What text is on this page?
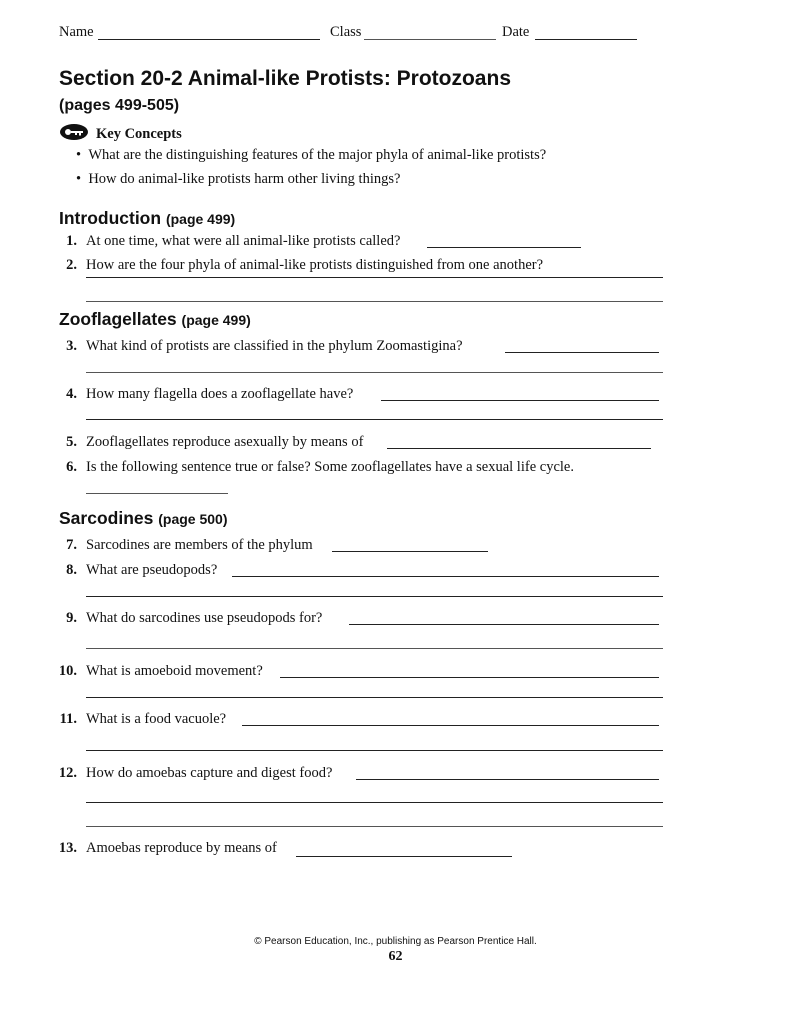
Name	Class	Date
Section 20-2 Animal-like Protists: Protozoans
(pages 499-505)
Key Concepts
•  What are the distinguishing features of the major phyla of animal-like protists?
•  How do animal-like protists harm other living things?
Introduction (page 499)
1. At one time, what were all animal-like protists called?
2. How are the four phyla of animal-like protists distinguished from one another?
Zooflagellates (page 499)
3. What kind of protists are classified in the phylum Zoomastigina?
4. How many flagella does a zooflagellate have?
5. Zooflagellates reproduce asexually by means of
6. Is the following sentence true or false? Some zooflagellates have a sexual life cycle.
Sarcodines (page 500)
7. Sarcodines are members of the phylum
8. What are pseudopods?
9. What do sarcodines use pseudopods for?
10. What is amoeboid movement?
11. What is a food vacuole?
12. How do amoebas capture and digest food?
13. Amoebas reproduce by means of
© Pearson Education, Inc., publishing as Pearson Prentice Hall.
62
